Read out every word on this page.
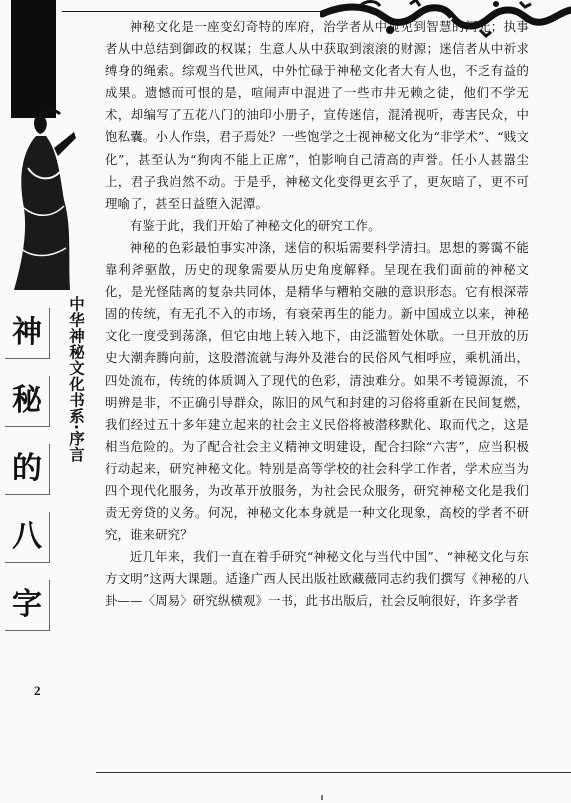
中华神秘文化书系·序言
神
秘
的
八
字
2

神秘文化是一座变幻奇特的库府，治学者从中窥见到智慧的闪光；执事者从中总结到御政的权谋；生意人从中获取到滚滚的财源；迷信者从中祈求缚身的绳索。综观当代世风，中外忙碌于神秘文化者大有人也，不乏有益的成果。遗憾而可恨的是，喧闹声中混进了一些市井无赖之徒，他们不学无术，却编写了五花八门的油印小册子，宣传迷信，混淆视听，毒害民众，中饱私囊。小人作祟，君子焉处？一些饱学之士视神秘文化为“非学术”、“贱文化”，甚至认为“狗肉不能上正席”，怕影响自己清高的声誉。任小人甚嚣尘上，君子我岿然不动。于是乎，神秘文化变得更玄乎了，更灰暗了，更不可理喻了，甚至日益堕入泥潭。

有鉴于此，我们开始了神秘文化的研究工作。

神秘的色彩最怕事实冲涤，迷信的积垢需要科学清扫。思想的雾霭不能靠利斧驱散，历史的现象需要从历史角度解释。呈现在我们面前的神秘文化，是光怪陆离的复杂共同体，是精华与糟粕交融的意识形态。它有根深蒂固的传统，有无孔不入的市场，有衰荣再生的能力。新中国成立以来，神秘文化一度受到荡涤，但它由地上转入地下，由泛滥暂处休歇。一旦开放的历史大潮奔腾向前，这股潜流就与海外及港台的民俗风气相呼应，乘机涌出，四处流布，传统的体质调入了现代的色彩，清浊难分。如果不考镜源流，不明辨是非，不正确引导群众，陈旧的风气和封建的习俗将重新在民间复燃，我们经过五十多年建立起来的社会主义民俗将被潜移默化、取而代之，这是相当危险的。为了配合社会主义精神文明建设，配合扫除“六害”，应当积极行动起来，研究神秘文化。特别是高等学校的社会科学工作者，学术应当为四个现代化服务，为改革开放服务，为社会民众服务，研究神秘文化是我们责无旁贷的义务。何况，神秘文化本身就是一种文化现象，高校的学者不研究，谁来研究？

近几年来，我们一直在着手研究“神秘文化与当代中国”、“神秘文化与东方文明”这两大课题。适逢广西人民出版社欧藏薇同志约我们撰写《神秘的八卦——〈周易〉研究纵横观》一书，此书出版后，社会反响很好，许多学者
